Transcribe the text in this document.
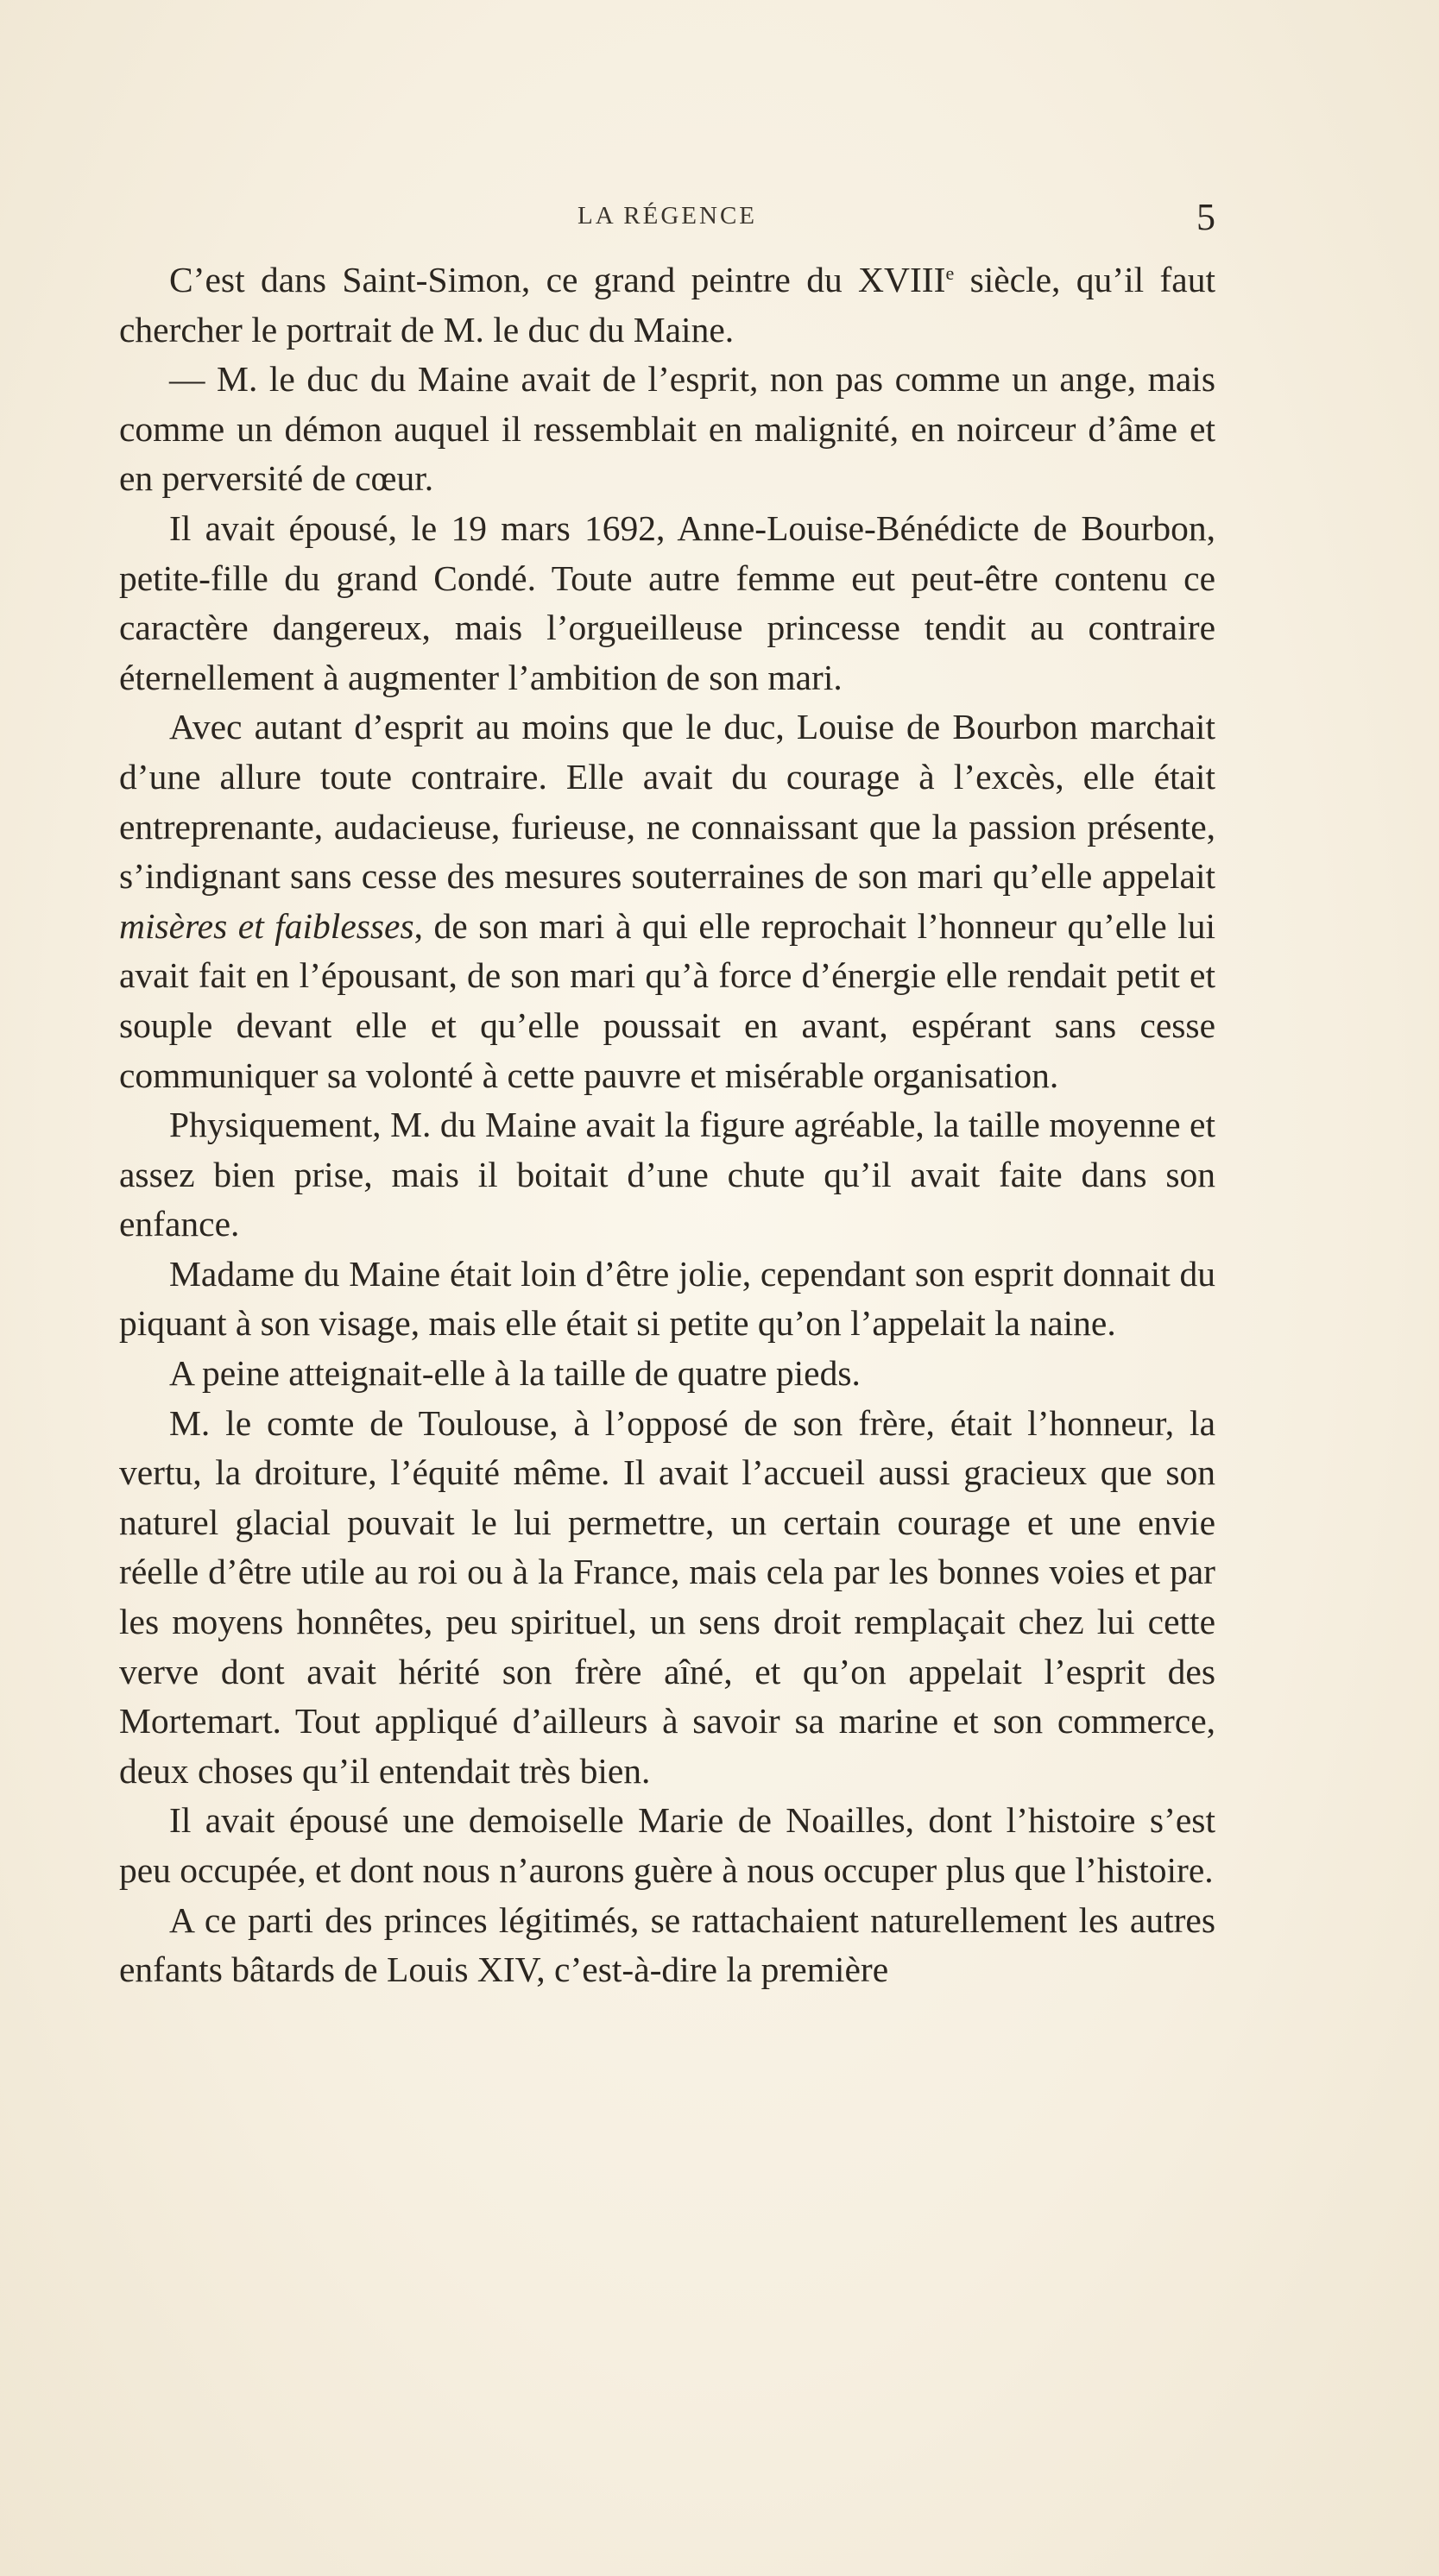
LA RÉGENCE	5

C’est dans Saint-Simon, ce grand peintre du XVIIIe siècle, qu’il faut chercher le portrait de M. le duc du Maine.

— M. le duc du Maine avait de l’esprit, non pas comme un ange, mais comme un démon auquel il ressemblait en malignité, en noirceur d’âme et en perversité de cœur.

Il avait épousé, le 19 mars 1692, Anne-Louise-Bénédicte de Bourbon, petite-fille du grand Condé. Toute autre femme eut peut-être contenu ce caractère dangereux, mais l’orgueilleuse princesse tendit au contraire éternellement à augmenter l’ambition de son mari.

Avec autant d’esprit au moins que le duc, Louise de Bourbon marchait d’une allure toute contraire. Elle avait du courage à l’excès, elle était entreprenante, audacieuse, furieuse, ne connaissant que la passion présente, s’indignant sans cesse des mesures souterraines de son mari qu’elle appelait misères et faiblesses, de son mari à qui elle reprochait l’honneur qu’elle lui avait fait en l’épousant, de son mari qu’à force d’énergie elle rendait petit et souple devant elle et qu’elle poussait en avant, espérant sans cesse communiquer sa volonté à cette pauvre et misérable organisation.

Physiquement, M. du Maine avait la figure agréable, la taille moyenne et assez bien prise, mais il boitait d’une chute qu’il avait faite dans son enfance.

Madame du Maine était loin d’être jolie, cependant son esprit donnait du piquant à son visage, mais elle était si petite qu’on l’appelait la naine.

A peine atteignait-elle à la taille de quatre pieds.

M. le comte de Toulouse, à l’opposé de son frère, était l’honneur, la vertu, la droiture, l’équité même. Il avait l’accueil aussi gracieux que son naturel glacial pouvait le lui permettre, un certain courage et une envie réelle d’être utile au roi ou à la France, mais cela par les bonnes voies et par les moyens honnêtes, peu spirituel, un sens droit remplaçait chez lui cette verve dont avait hérité son frère aîné, et qu’on appelait l’esprit des Mortemart. Tout appliqué d’ailleurs à savoir sa marine et son commerce, deux choses qu’il entendait très bien.

Il avait épousé une demoiselle Marie de Noailles, dont l’histoire s’est peu occupée, et dont nous n’aurons guère à nous occuper plus que l’histoire.

A ce parti des princes légitimés, se rattachaient naturellement les autres enfants bâtards de Louis XIV, c’est-à-dire la première
